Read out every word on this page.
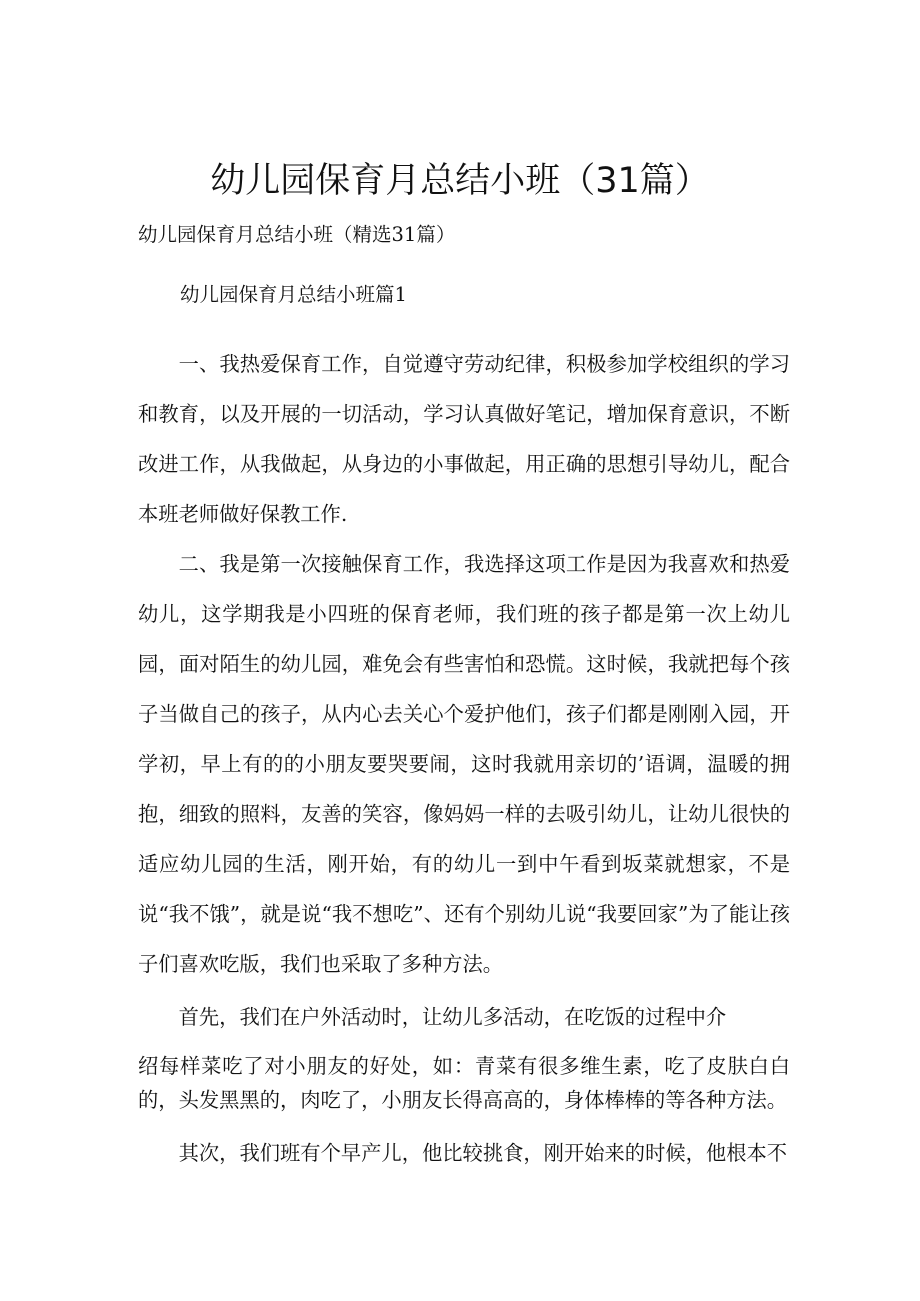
幼儿园保育月总结小班（31篇）
幼儿园保育月总结小班（精选31篇）
幼儿园保育月总结小班篇1

一、我热爱保育工作，自觉遵守劳动纪律，积极参加学校组织的学习和教育，以及开展的一切活动，学习认真做好笔记，增加保育意识，不断改进工作，从我做起，从身边的小事做起，用正确的思想引导幼儿，配合本班老师做好保教工作.

二、我是第一次接触保育工作，我选择这项工作是因为我喜欢和热爱幼儿，这学期我是小四班的保育老师，我们班的孩子都是第一次上幼儿园，面对陌生的幼儿园，难免会有些害怕和恐慌。这时候，我就把每个孩子当做自己的孩子，从内心去关心个爱护他们，孩子们都是刚刚入园，开学初，早上有的的小朋友要哭要闹，这时我就用亲切的’语调，温暖的拥抱，细致的照料，友善的笑容，像妈妈一样的去吸引幼儿，让幼儿很快的适应幼儿园的生活，刚开始，有的幼儿一到中午看到坂菜就想家，不是说“我不饿”，就是说“我不想吃”、还有个别幼儿说“我要回家”为了能让孩子们喜欢吃版，我们也采取了多种方法。

首先，我们在户外活动时，让幼儿多活动，在吃饭的过程中介

绍每样菜吃了对小朋友的好处，如：青菜有很多维生素，吃了皮肤白白的，头发黑黑的，肉吃了，小朋友长得高高的，身体棒棒的等各种方法。

其次，我们班有个早产儿，他比较挑食，刚开始来的时候，他根本不
